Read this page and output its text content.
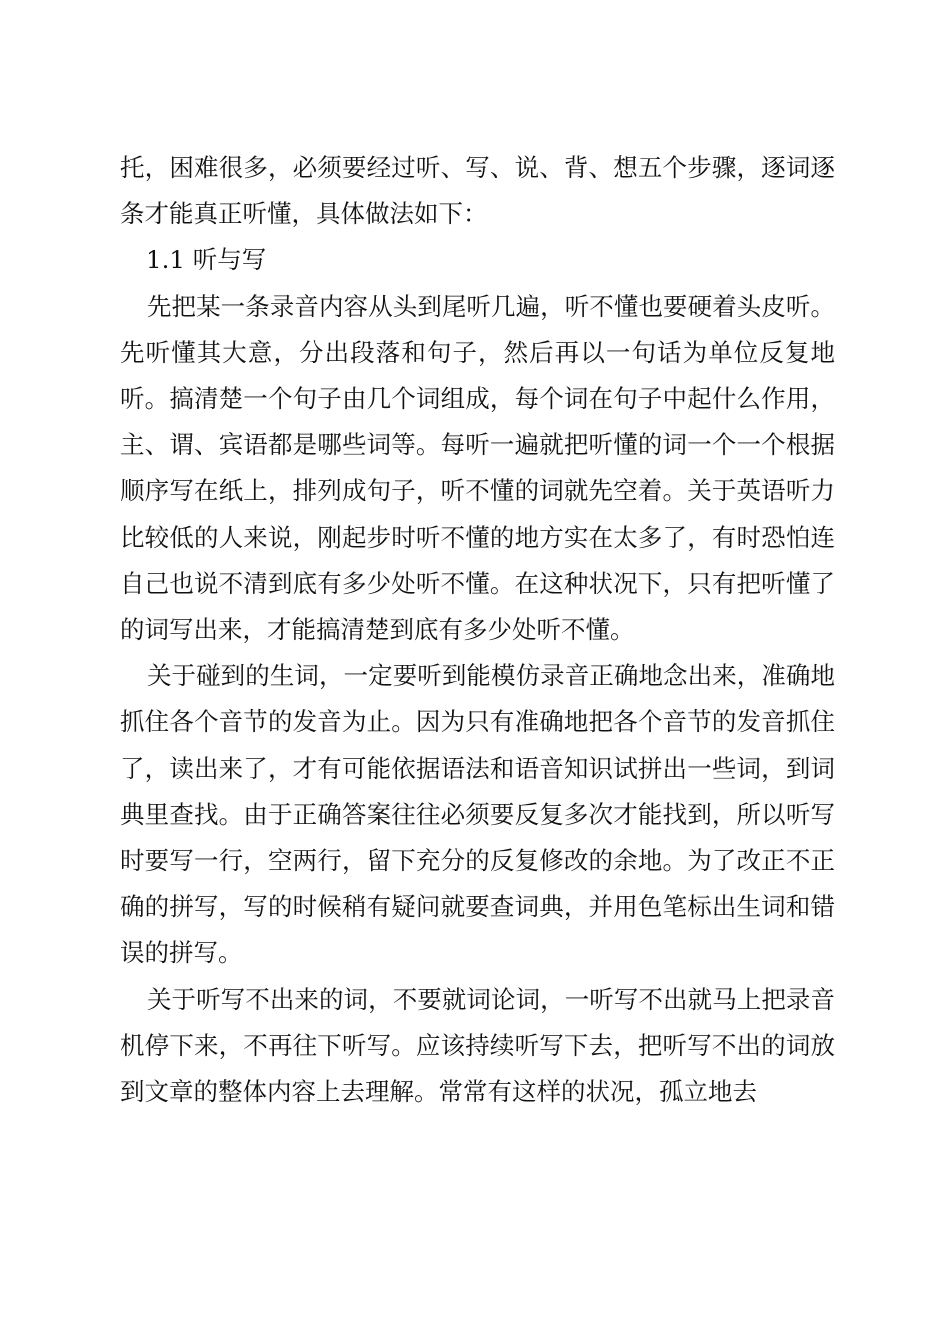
托，困难很多，必须要经过听、写、说、背、想五个步骤，逐词逐条才能真正听懂，具体做法如下：

1.1 听与写

先把某一条录音内容从头到尾听几遍，听不懂也要硬着头皮听。先听懂其大意，分出段落和句子，然后再以一句话为单位反复地听。搞清楚一个句子由几个词组成，每个词在句子中起什么作用，主、谓、宾语都是哪些词等。每听一遍就把听懂的词一个一个根据顺序写在纸上，排列成句子，听不懂的词就先空着。关于英语听力比较低的人来说，刚起步时听不懂的地方实在太多了，有时恐怕连自己也说不清到底有多少处听不懂。在这种状况下，只有把听懂了的词写出来，才能搞清楚到底有多少处听不懂。

关于碰到的生词，一定要听到能模仿录音正确地念出来，准确地抓住各个音节的发音为止。因为只有准确地把各个音节的发音抓住了，读出来了，才有可能依据语法和语音知识试拼出一些词，到词典里查找。由于正确答案往往必须要反复多次才能找到，所以听写时要写一行，空两行，留下充分的反复修改的余地。为了改正不正确的拼写，写的时候稍有疑问就要查词典，并用色笔标出生词和错误的拼写。

关于听写不出来的词，不要就词论词，一听写不出就马上把录音机停下来，不再往下听写。应该持续听写下去，把听写不出的词放到文章的整体内容上去理解。常常有这样的状况，孤立地去
